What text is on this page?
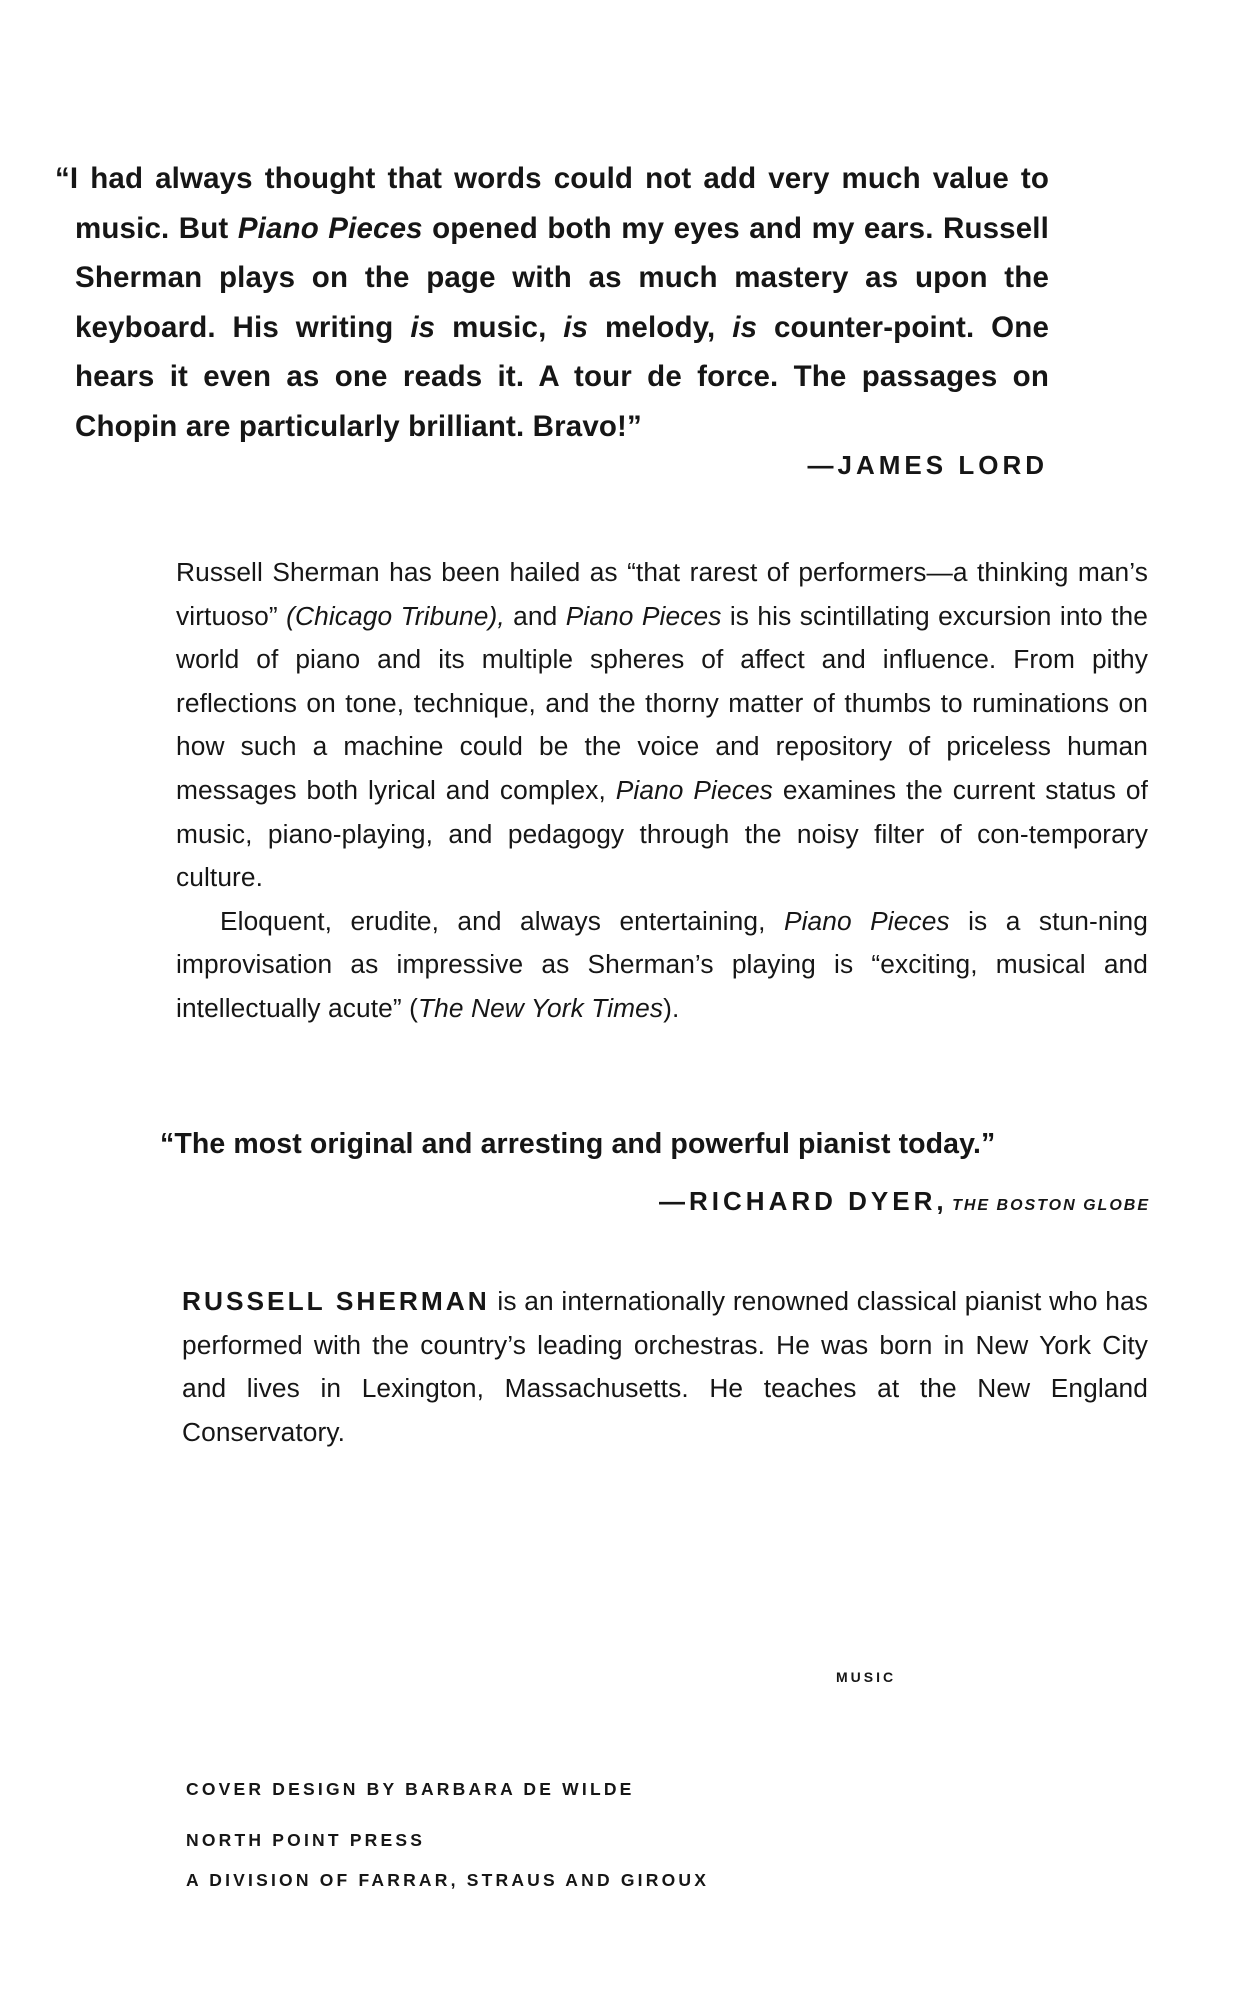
“I had always thought that words could not add very much value to music. But Piano Pieces opened both my eyes and my ears. Russell Sherman plays on the page with as much mastery as upon the keyboard. His writing is music, is melody, is counter-point. One hears it even as one reads it. A tour de force. The passages on Chopin are particularly brilliant. Bravo!”
—JAMES LORD

Russell Sherman has been hailed as “that rarest of performers—a thinking man’s virtuoso” (Chicago Tribune), and Piano Pieces is his scintillating excursion into the world of piano and its multiple spheres of affect and influence. From pithy reflections on tone, technique, and the thorny matter of thumbs to ruminations on how such a machine could be the voice and repository of priceless human messages both lyrical and complex, Piano Pieces examines the current status of music, piano-playing, and pedagogy through the noisy filter of con-temporary culture.

Eloquent, erudite, and always entertaining, Piano Pieces is a stun-ning improvisation as impressive as Sherman’s playing is “exciting, musical and intellectually acute” (The New York Times).

“The most original and arresting and powerful pianist today.”
—RICHARD DYER, THE BOSTON GLOBE
RUSSELL SHERMAN is an internationally renowned classical pianist who has performed with the country’s leading orchestras. He was born in New York City and lives in Lexington, Massachusetts. He teaches at the New England Conservatory.
MUSIC
COVER DESIGN BY BARBARA DE WILDE
NORTH POINT PRESS
A DIVISION OF FARRAR, STRAUS AND GIROUX
